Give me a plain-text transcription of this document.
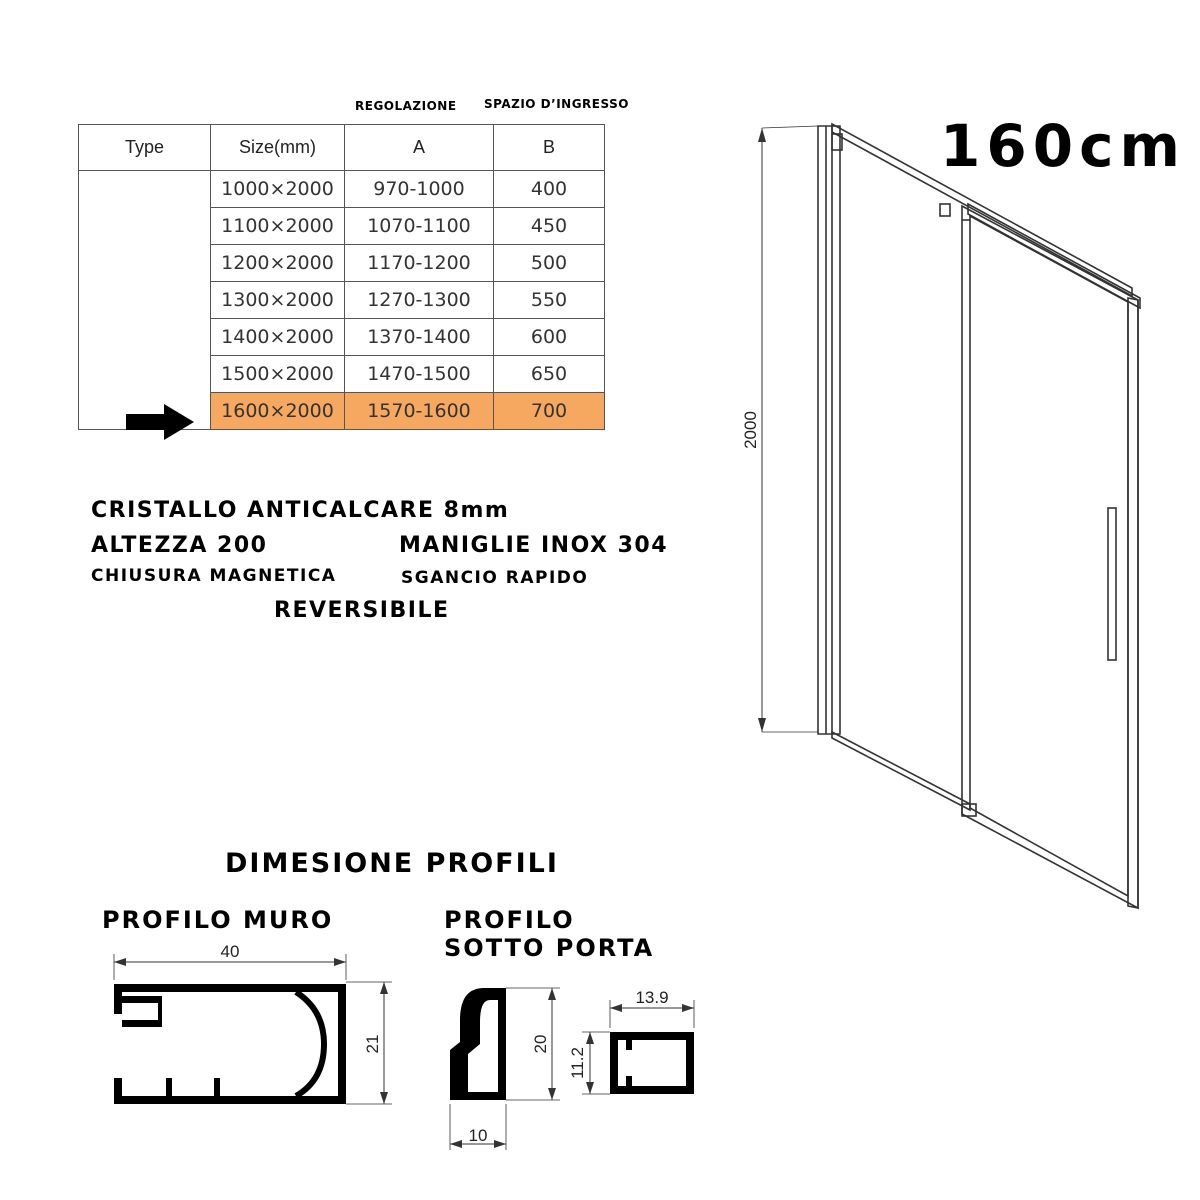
REGOLAZIONE SPAZIO D’INGRESSO
Type	Size(mm)	A	B
	1000×2000	970-1000	400
	1100×2000	1070-1100	450
	1200×2000	1170-1200	500
	1300×2000	1270-1300	550
	1400×2000	1370-1400	600
	1500×2000	1470-1500	650
	1600×2000	1570-1600	700
CRISTALLO ANTICALCARE 8mm
ALTEZZA 200	MANIGLIE INOX 304
CHIUSURA MAGNETICA	SGANCIO RAPIDO
REVERSIBILE
160cm
2000
DIMESIONE PROFILI
PROFILO MURO
40
21
PROFILO
SOTTO PORTA
20
10
13.9
11.2
